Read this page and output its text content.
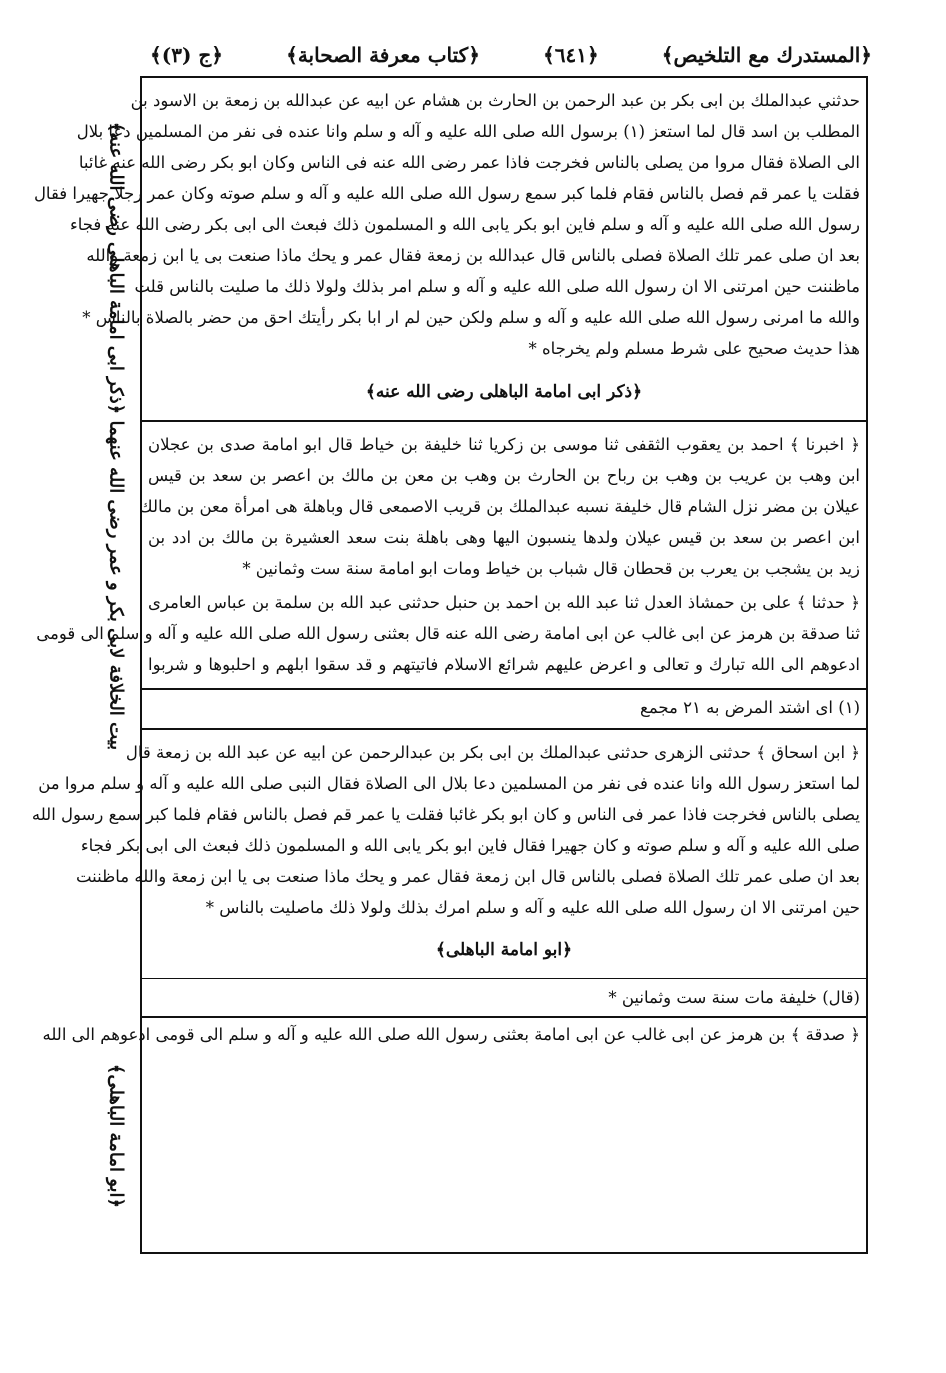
﴿المستدرك مع التلخيص﴾
﴿٦٤١﴾
﴿كتاب معرفة الصحابة﴾
﴿ج (٣)﴾
بيت الخلافة لابى بكر و عمر رضى الله عنهما ﴿ذكر ابى امامة الباهلى رضى الله عنه﴾
﴿ابو امامة الباهلى﴾
حدثني عبدالملك بن ابى بكر بن عبد الرحمن بن الحارث بن هشام عن ابيه عن عبدالله بن زمعة بن الاسود بن
المطلب بن اسد قال لما استعز (١) برسول الله صلى الله عليه و آله و سلم وانا عنده فى نفر من المسلمين دعا بلال
الى الصلاة فقال مروا من يصلى بالناس فخرجت فاذا عمر رضى الله عنه فى الناس وكان ابو بكر رضى الله عنه غائبا
فقلت يا عمر قم فصل بالناس فقام فلما كبر سمع رسول الله صلى الله عليه و آله و سلم صوته وكان عمر رجلا جهيرا فقال
رسول الله صلى الله عليه و آله و سلم فاين ابو بكر يابى الله و المسلمون ذلك فبعث الى ابى بكر رضى الله عنه فجاء
بعد ان صلى عمر تلك الصلاة فصلى بالناس قال عبدالله بن زمعة فقال عمر و يحك ماذا صنعت بى يا ابن زمعة والله
ماظننت حين امرتنى الا ان رسول الله صلى الله عليه و آله و سلم امر بذلك ولولا ذلك ما صليت بالناس قلت
والله ما امرنى رسول الله صلى الله عليه و آله و سلم ولكن حين لم ار ابا بكر رأيتك احق من حضر بالصلاة بالناس *
هذا حديث صحيح على شرط مسلم ولم يخرجاه *
﴿ذكر ابى امامة الباهلى رضى الله عنه﴾
﴿ اخبرنا ﴾ احمد بن يعقوب الثقفى ثنا موسى بن زكريا ثنا خليفة بن خياط قال ابو امامة صدى بن عجلان
ابن وهب بن عريب بن وهب بن رباح بن الحارث بن وهب بن معن بن مالك بن اعصر بن سعد بن قيس
عيلان بن مضر نزل الشام قال خليفة نسبه عبدالملك بن قريب الاصمعى قال وباهلة هى امرأة معن بن مالك
ابن اعصر بن سعد بن قيس عيلان ولدها ينسبون اليها وهى باهلة بنت سعد العشيرة بن مالك بن ادد بن
زيد بن يشجب بن يعرب بن قحطان قال شباب بن خياط ومات ابو امامة سنة ست وثمانين *
﴿ حدثنا ﴾ على بن حمشاذ العدل ثنا عبد الله بن احمد بن حنبل حدثنى عبد الله بن سلمة بن عباس العامرى
ثنا صدقة بن هرمز عن ابى غالب عن ابى امامة رضى الله عنه قال بعثنى رسول الله صلى الله عليه و آله و سلم الى قومى
ادعوهم الى الله تبارك و تعالى و اعرض عليهم شرائع الاسلام فاتيتهم و قد سقوا ابلهم و احلبوها و شربوا
(١) اى اشتد المرض به ٢١ مجمع
﴿ ابن اسحاق ﴾ حدثنى الزهرى حدثنى عبدالملك بن ابى بكر بن عبدالرحمن عن ابيه عن عبد الله بن زمعة قال
لما استعز رسول الله وانا عنده فى نفر من المسلمين دعا بلال الى الصلاة فقال النبى صلى الله عليه و آله و سلم مروا من
يصلى بالناس فخرجت فاذا عمر فى الناس و كان ابو بكر غائبا فقلت يا عمر قم فصل بالناس فقام فلما كبر سمع رسول الله
صلى الله عليه و آله و سلم صوته و كان جهيرا فقال فاين ابو بكر يابى الله و المسلمون ذلك فبعث الى ابى بكر فجاء
بعد ان صلى عمر تلك الصلاة فصلى بالناس قال ابن زمعة فقال عمر و يحك ماذا صنعت بى يا ابن زمعة والله ماظننت
حين امرتنى الا ان رسول الله صلى الله عليه و آله و سلم امرك بذلك ولولا ذلك ماصليت بالناس *
﴿ابو امامة الباهلى﴾
(قال) خليفة مات سنة ست وثمانين *
﴿ صدقة ﴾ بن هرمز عن ابى غالب عن ابى امامة بعثنى رسول الله صلى الله عليه و آله و سلم الى قومى ادعوهم الى الله
